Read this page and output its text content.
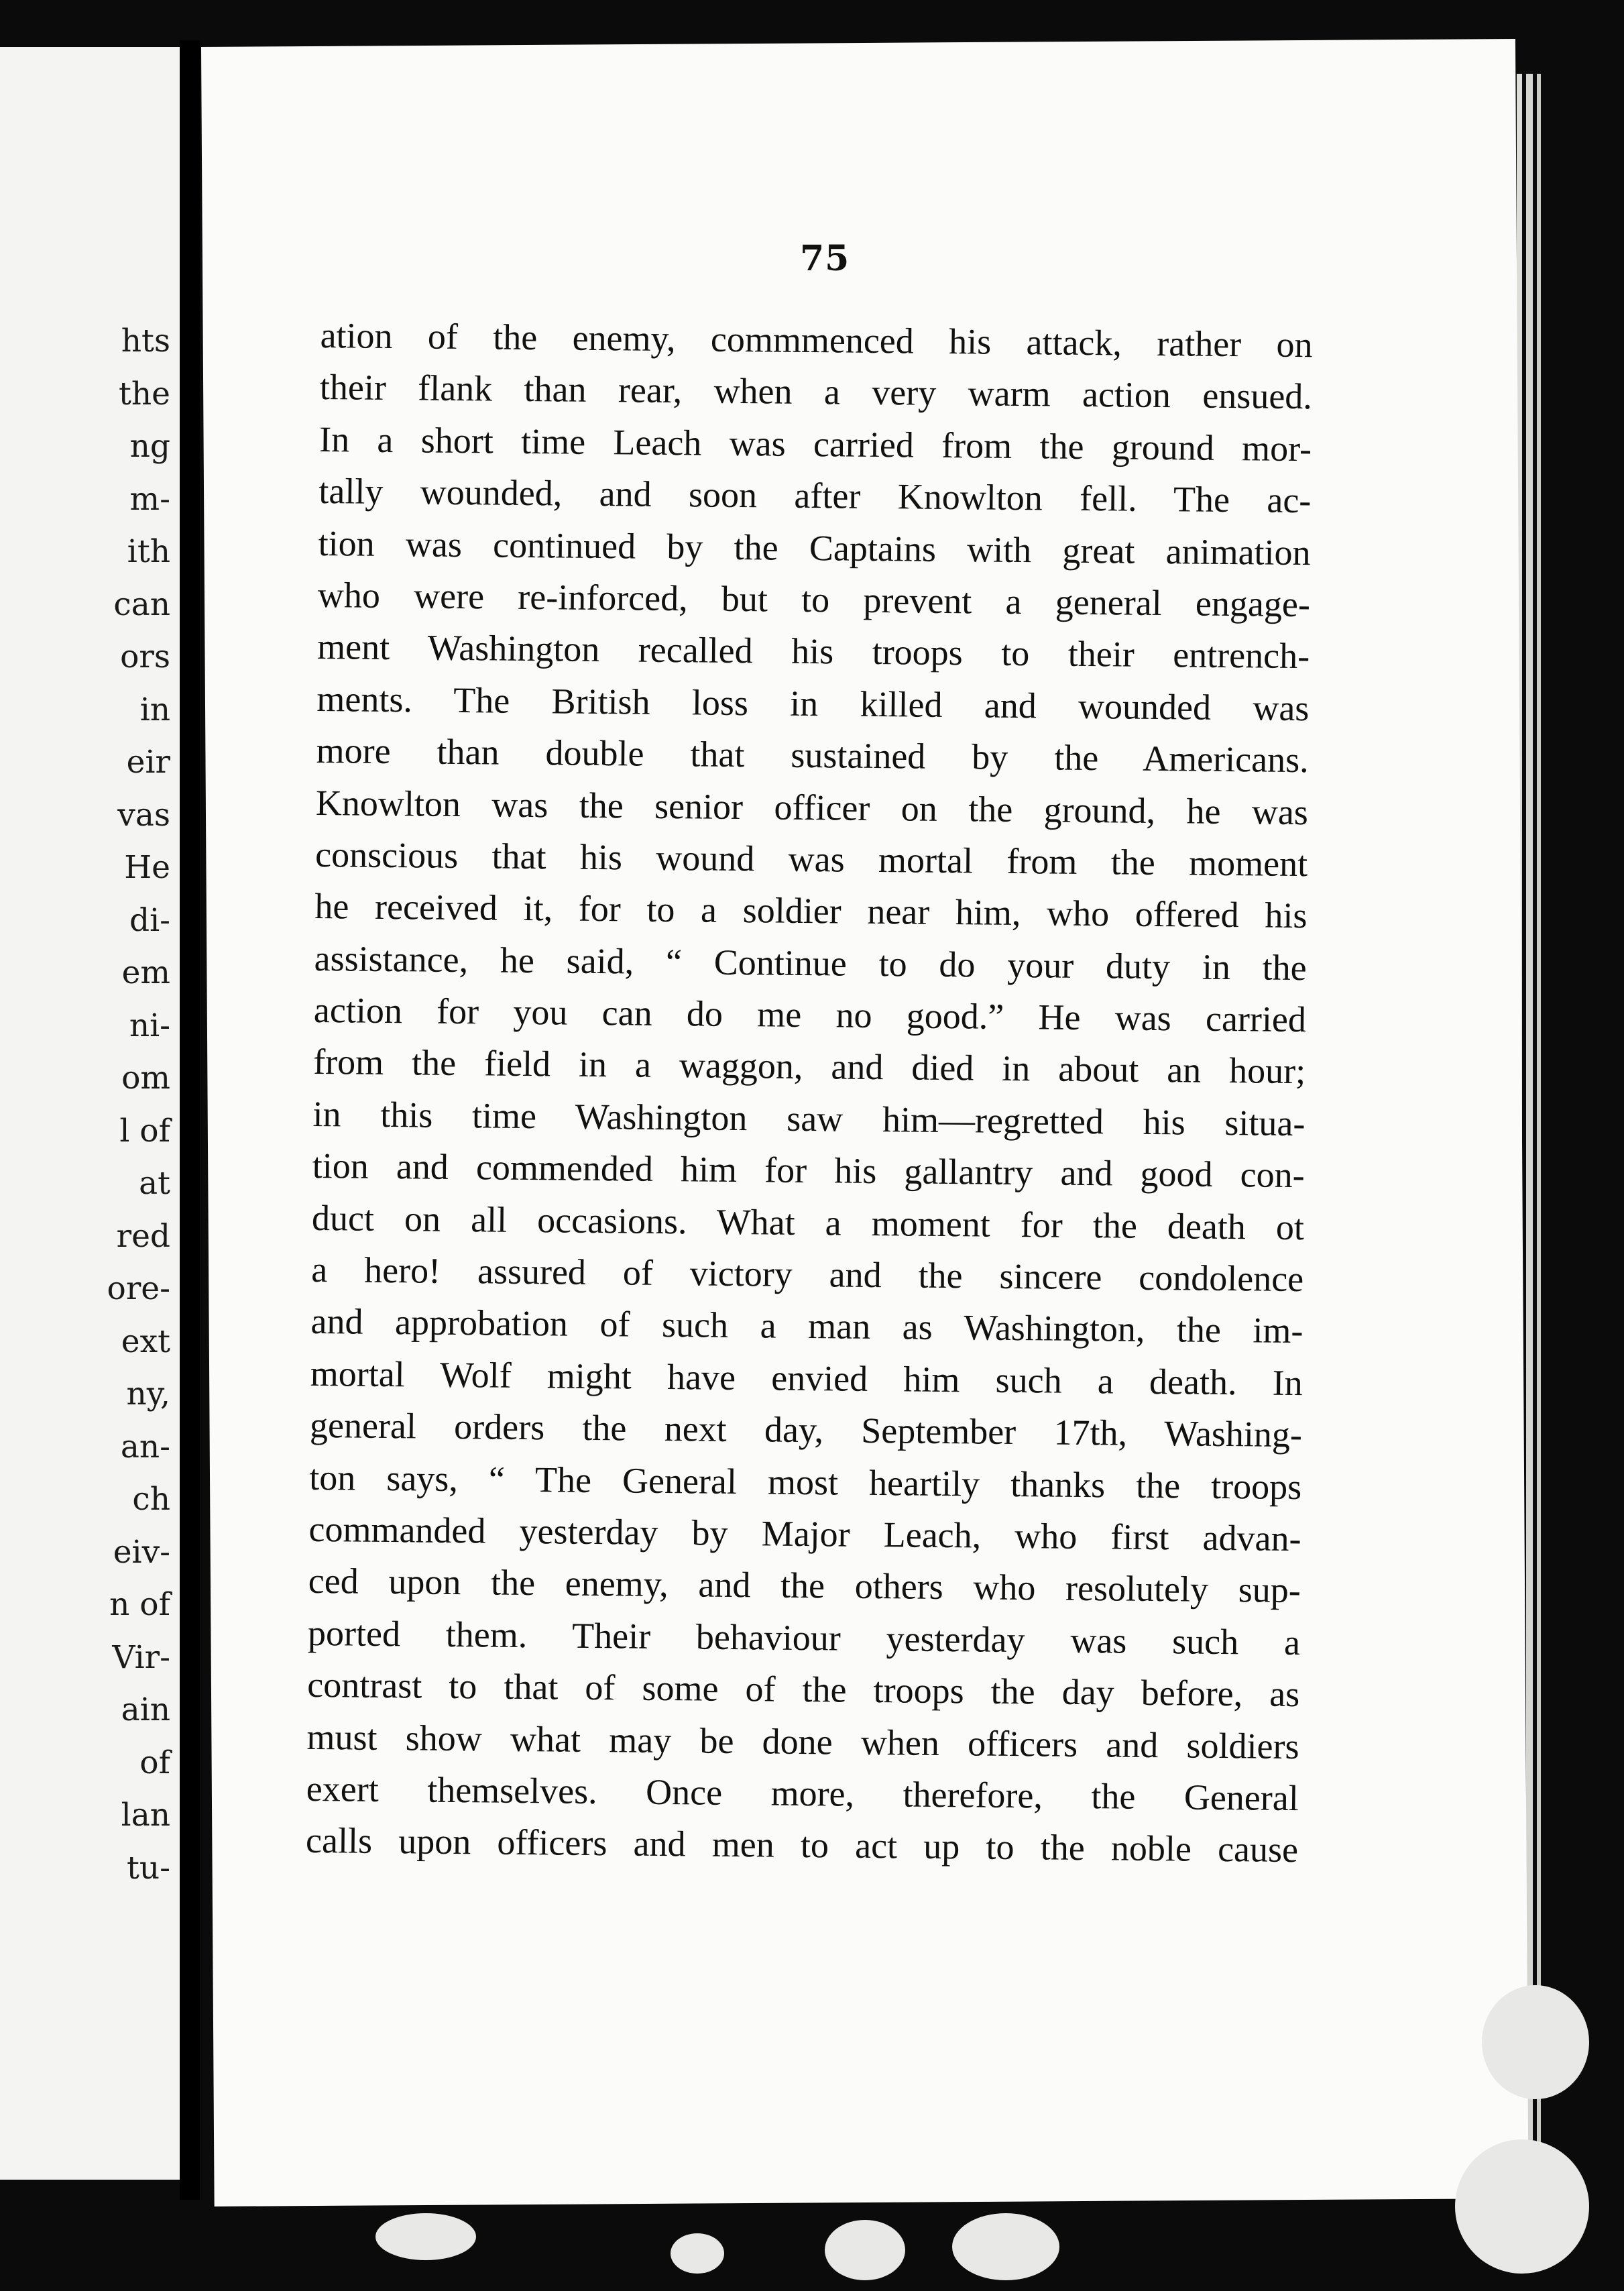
hts
the
ng
m-
ith
can
ors
in
eir
vas
He
di-
em
ni-
om
l of
at
red
ore-
ext
ny,
an-
ch
eiv-
n of
Vir-
ain
of
lan
tu-
75
ation of the enemy, commmenced his attack, rather on
their flank than rear, when a very warm action ensued.
In a short time Leach was carried from the ground mor-
tally wounded, and soon after Knowlton fell. The ac-
tion was continued by the Captains with great animation
who were re-inforced, but to prevent a general engage-
ment Washington recalled his troops to their entrench-
ments. The British loss in killed and wounded was
more than double that sustained by the Americans.
Knowlton was the senior officer on the ground, he was
conscious that his wound was mortal from the moment
he received it, for to a soldier near him, who offered his
assistance, he said, “ Continue to do your duty in the
action for you can do me no good.” He was carried
from the field in a waggon, and died in about an hour;
in this time Washington saw him—regretted his situa-
tion and commended him for his gallantry and good con-
duct on all occasions. What a moment for the death ot
a hero! assured of victory and the sincere condolence
and approbation of such a man as Washington, the im-
mortal Wolf might have envied him such a death. In
general orders the next day, September 17th, Washing-
ton says, “ The General most heartily thanks the troops
commanded yesterday by Major Leach, who first advan-
ced upon the enemy, and the others who resolutely sup-
ported them. Their behaviour yesterday was such a
contrast to that of some of the troops the day before, as
must show what may be done when officers and soldiers
exert themselves. Once more, therefore, the General
calls upon officers and men to act up to the noble cause
